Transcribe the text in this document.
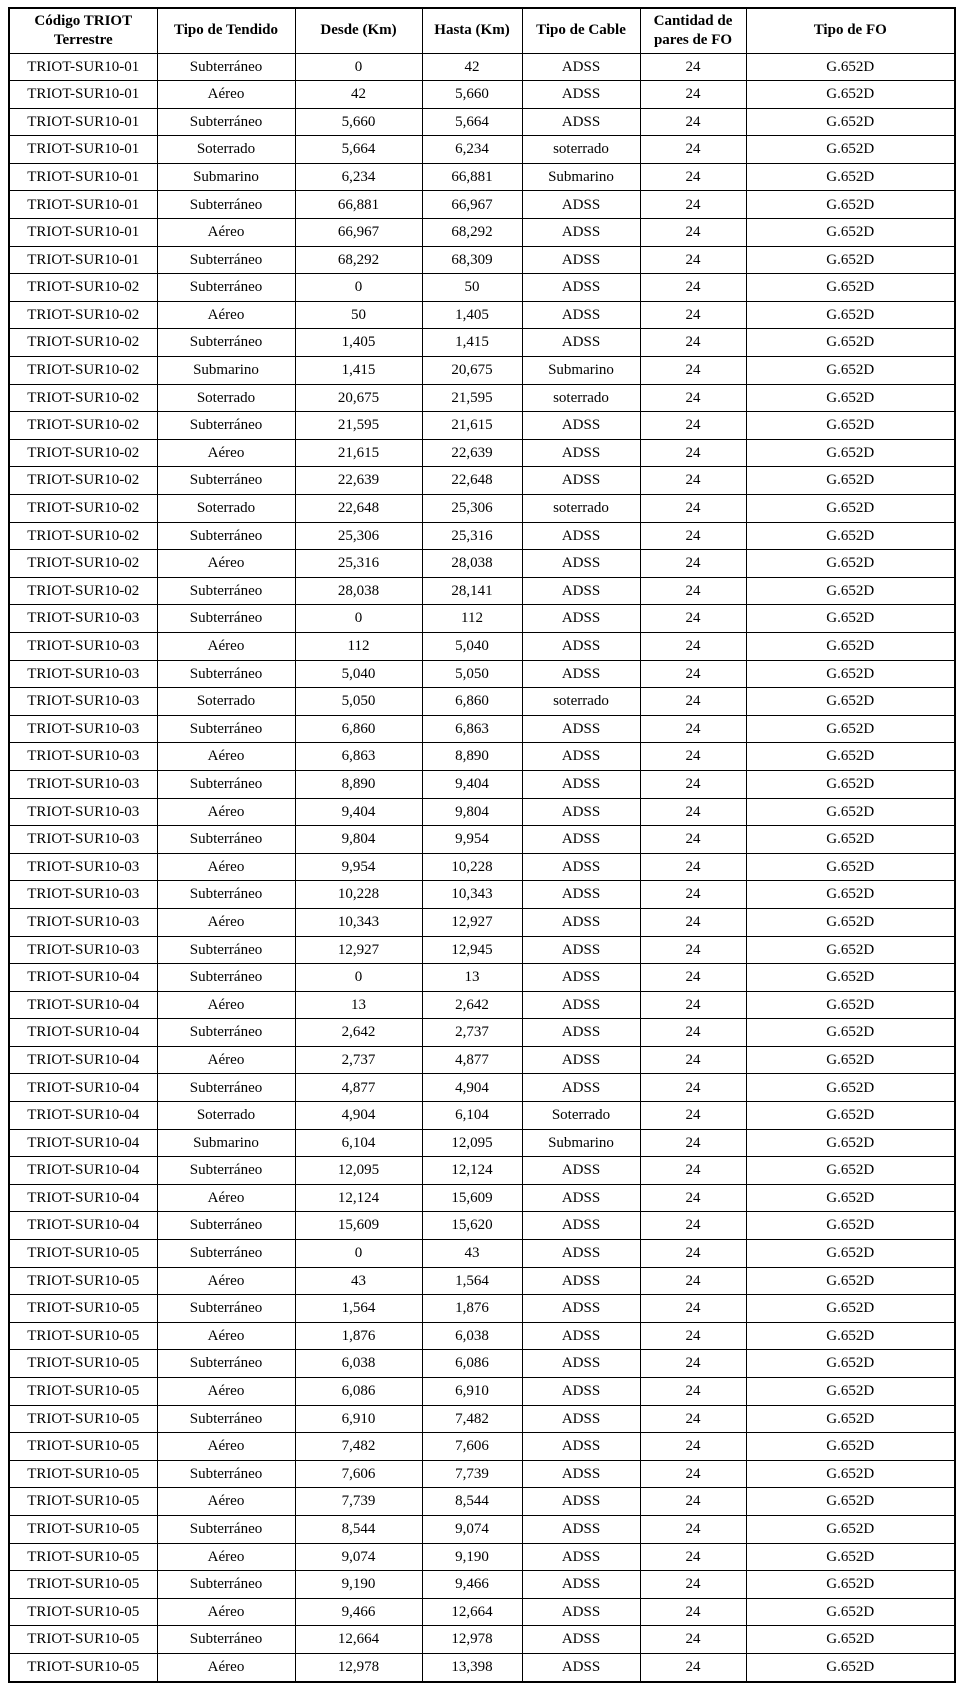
Código TRIOT Terrestre	Tipo de Tendido	Desde (Km)	Hasta (Km)	Tipo de Cable	Cantidad de pares de FO	Tipo de FO
TRIOT-SUR10-01	Subterráneo	0	42	ADSS	24	G.652D
TRIOT-SUR10-01	Aéreo	42	5,660	ADSS	24	G.652D
TRIOT-SUR10-01	Subterráneo	5,660	5,664	ADSS	24	G.652D
TRIOT-SUR10-01	Soterrado	5,664	6,234	soterrado	24	G.652D
TRIOT-SUR10-01	Submarino	6,234	66,881	Submarino	24	G.652D
TRIOT-SUR10-01	Subterráneo	66,881	66,967	ADSS	24	G.652D
TRIOT-SUR10-01	Aéreo	66,967	68,292	ADSS	24	G.652D
TRIOT-SUR10-01	Subterráneo	68,292	68,309	ADSS	24	G.652D
TRIOT-SUR10-02	Subterráneo	0	50	ADSS	24	G.652D
TRIOT-SUR10-02	Aéreo	50	1,405	ADSS	24	G.652D
TRIOT-SUR10-02	Subterráneo	1,405	1,415	ADSS	24	G.652D
TRIOT-SUR10-02	Submarino	1,415	20,675	Submarino	24	G.652D
TRIOT-SUR10-02	Soterrado	20,675	21,595	soterrado	24	G.652D
TRIOT-SUR10-02	Subterráneo	21,595	21,615	ADSS	24	G.652D
TRIOT-SUR10-02	Aéreo	21,615	22,639	ADSS	24	G.652D
TRIOT-SUR10-02	Subterráneo	22,639	22,648	ADSS	24	G.652D
TRIOT-SUR10-02	Soterrado	22,648	25,306	soterrado	24	G.652D
TRIOT-SUR10-02	Subterráneo	25,306	25,316	ADSS	24	G.652D
TRIOT-SUR10-02	Aéreo	25,316	28,038	ADSS	24	G.652D
TRIOT-SUR10-02	Subterráneo	28,038	28,141	ADSS	24	G.652D
TRIOT-SUR10-03	Subterráneo	0	112	ADSS	24	G.652D
TRIOT-SUR10-03	Aéreo	112	5,040	ADSS	24	G.652D
TRIOT-SUR10-03	Subterráneo	5,040	5,050	ADSS	24	G.652D
TRIOT-SUR10-03	Soterrado	5,050	6,860	soterrado	24	G.652D
TRIOT-SUR10-03	Subterráneo	6,860	6,863	ADSS	24	G.652D
TRIOT-SUR10-03	Aéreo	6,863	8,890	ADSS	24	G.652D
TRIOT-SUR10-03	Subterráneo	8,890	9,404	ADSS	24	G.652D
TRIOT-SUR10-03	Aéreo	9,404	9,804	ADSS	24	G.652D
TRIOT-SUR10-03	Subterráneo	9,804	9,954	ADSS	24	G.652D
TRIOT-SUR10-03	Aéreo	9,954	10,228	ADSS	24	G.652D
TRIOT-SUR10-03	Subterráneo	10,228	10,343	ADSS	24	G.652D
TRIOT-SUR10-03	Aéreo	10,343	12,927	ADSS	24	G.652D
TRIOT-SUR10-03	Subterráneo	12,927	12,945	ADSS	24	G.652D
TRIOT-SUR10-04	Subterráneo	0	13	ADSS	24	G.652D
TRIOT-SUR10-04	Aéreo	13	2,642	ADSS	24	G.652D
TRIOT-SUR10-04	Subterráneo	2,642	2,737	ADSS	24	G.652D
TRIOT-SUR10-04	Aéreo	2,737	4,877	ADSS	24	G.652D
TRIOT-SUR10-04	Subterráneo	4,877	4,904	ADSS	24	G.652D
TRIOT-SUR10-04	Soterrado	4,904	6,104	Soterrado	24	G.652D
TRIOT-SUR10-04	Submarino	6,104	12,095	Submarino	24	G.652D
TRIOT-SUR10-04	Subterráneo	12,095	12,124	ADSS	24	G.652D
TRIOT-SUR10-04	Aéreo	12,124	15,609	ADSS	24	G.652D
TRIOT-SUR10-04	Subterráneo	15,609	15,620	ADSS	24	G.652D
TRIOT-SUR10-05	Subterráneo	0	43	ADSS	24	G.652D
TRIOT-SUR10-05	Aéreo	43	1,564	ADSS	24	G.652D
TRIOT-SUR10-05	Subterráneo	1,564	1,876	ADSS	24	G.652D
TRIOT-SUR10-05	Aéreo	1,876	6,038	ADSS	24	G.652D
TRIOT-SUR10-05	Subterráneo	6,038	6,086	ADSS	24	G.652D
TRIOT-SUR10-05	Aéreo	6,086	6,910	ADSS	24	G.652D
TRIOT-SUR10-05	Subterráneo	6,910	7,482	ADSS	24	G.652D
TRIOT-SUR10-05	Aéreo	7,482	7,606	ADSS	24	G.652D
TRIOT-SUR10-05	Subterráneo	7,606	7,739	ADSS	24	G.652D
TRIOT-SUR10-05	Aéreo	7,739	8,544	ADSS	24	G.652D
TRIOT-SUR10-05	Subterráneo	8,544	9,074	ADSS	24	G.652D
TRIOT-SUR10-05	Aéreo	9,074	9,190	ADSS	24	G.652D
TRIOT-SUR10-05	Subterráneo	9,190	9,466	ADSS	24	G.652D
TRIOT-SUR10-05	Aéreo	9,466	12,664	ADSS	24	G.652D
TRIOT-SUR10-05	Subterráneo	12,664	12,978	ADSS	24	G.652D
TRIOT-SUR10-05	Aéreo	12,978	13,398	ADSS	24	G.652D
